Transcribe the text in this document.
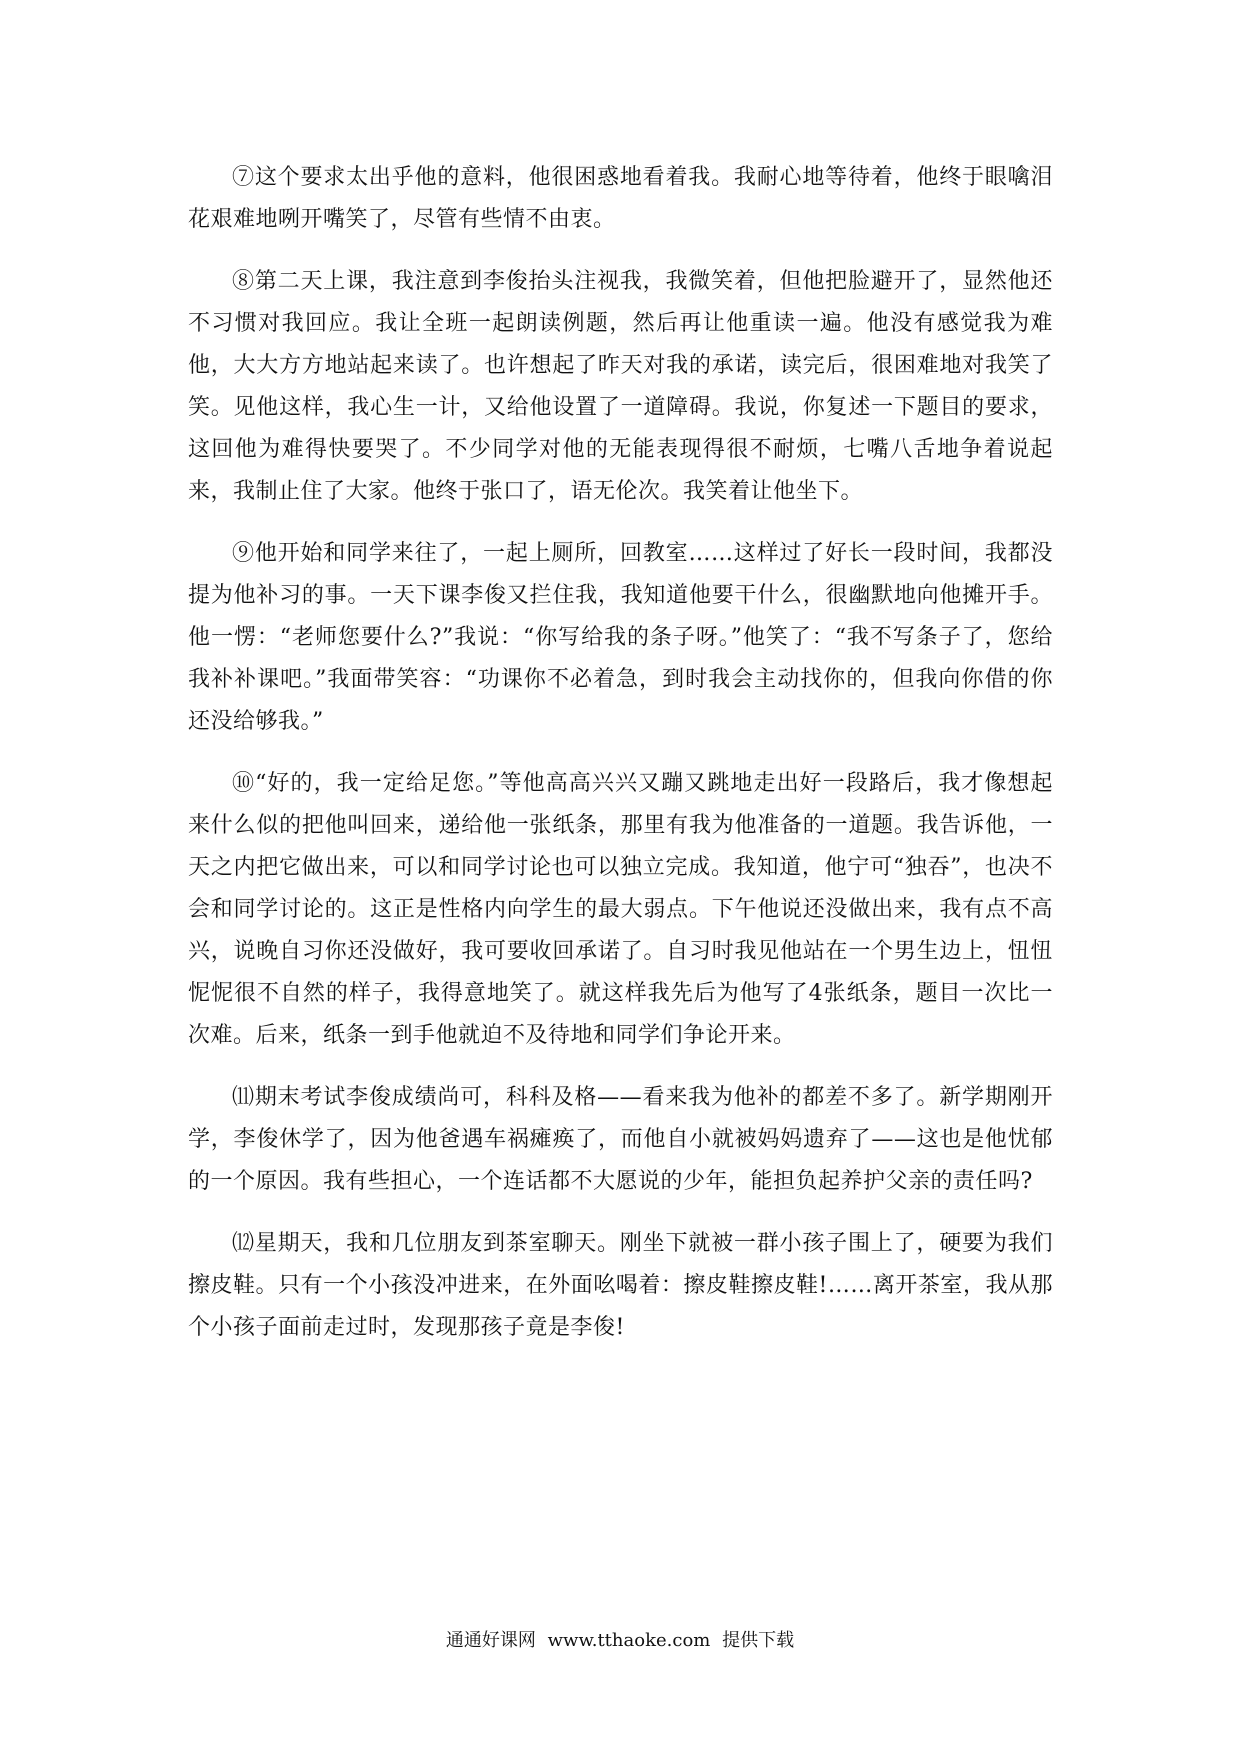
⑦这个要求太出乎他的意料，他很困惑地看着我。我耐心地等待着，他终于眼噙泪花艰难地咧开嘴笑了，尽管有些情不由衷。

⑧第二天上课，我注意到李俊抬头注视我，我微笑着，但他把脸避开了，显然他还不习惯对我回应。我让全班一起朗读例题，然后再让他重读一遍。他没有感觉我为难他，大大方方地站起来读了。也许想起了昨天对我的承诺，读完后，很困难地对我笑了笑。见他这样，我心生一计，又给他设置了一道障碍。我说，你复述一下题目的要求，这回他为难得快要哭了。不少同学对他的无能表现得很不耐烦，七嘴八舌地争着说起来，我制止住了大家。他终于张口了，语无伦次。我笑着让他坐下。

⑨他开始和同学来往了，一起上厕所，回教室……这样过了好长一段时间，我都没提为他补习的事。一天下课李俊又拦住我，我知道他要干什么，很幽默地向他摊开手。他一愣：“老师您要什么?”我说：“你写给我的条子呀。”他笑了：“我不写条子了，您给我补补课吧。”我面带笑容：“功课你不必着急，到时我会主动找你的，但我向你借的你还没给够我。”

⑩“好的，我一定给足您。”等他高高兴兴又蹦又跳地走出好一段路后，我才像想起来什么似的把他叫回来，递给他一张纸条，那里有我为他准备的一道题。我告诉他，一天之内把它做出来，可以和同学讨论也可以独立完成。我知道，他宁可“独吞”，也决不会和同学讨论的。这正是性格内向学生的最大弱点。下午他说还没做出来，我有点不高兴，说晚自习你还没做好，我可要收回承诺了。自习时我见他站在一个男生边上，忸忸怩怩很不自然的样子，我得意地笑了。就这样我先后为他写了4张纸条，题目一次比一次难。后来，纸条一到手他就迫不及待地和同学们争论开来。

⑾期末考试李俊成绩尚可，科科及格——看来我为他补的都差不多了。新学期刚开学，李俊休学了，因为他爸遇车祸瘫痪了，而他自小就被妈妈遗弃了——这也是他忧郁的一个原因。我有些担心，一个连话都不大愿说的少年，能担负起养护父亲的责任吗?

⑿星期天，我和几位朋友到茶室聊天。刚坐下就被一群小孩子围上了，硬要为我们擦皮鞋。只有一个小孩没冲进来，在外面吆喝着：擦皮鞋擦皮鞋!……离开茶室，我从那个小孩子面前走过时，发现那孩子竟是李俊!

通通好课网 www.tthaoke.com 提供下载
